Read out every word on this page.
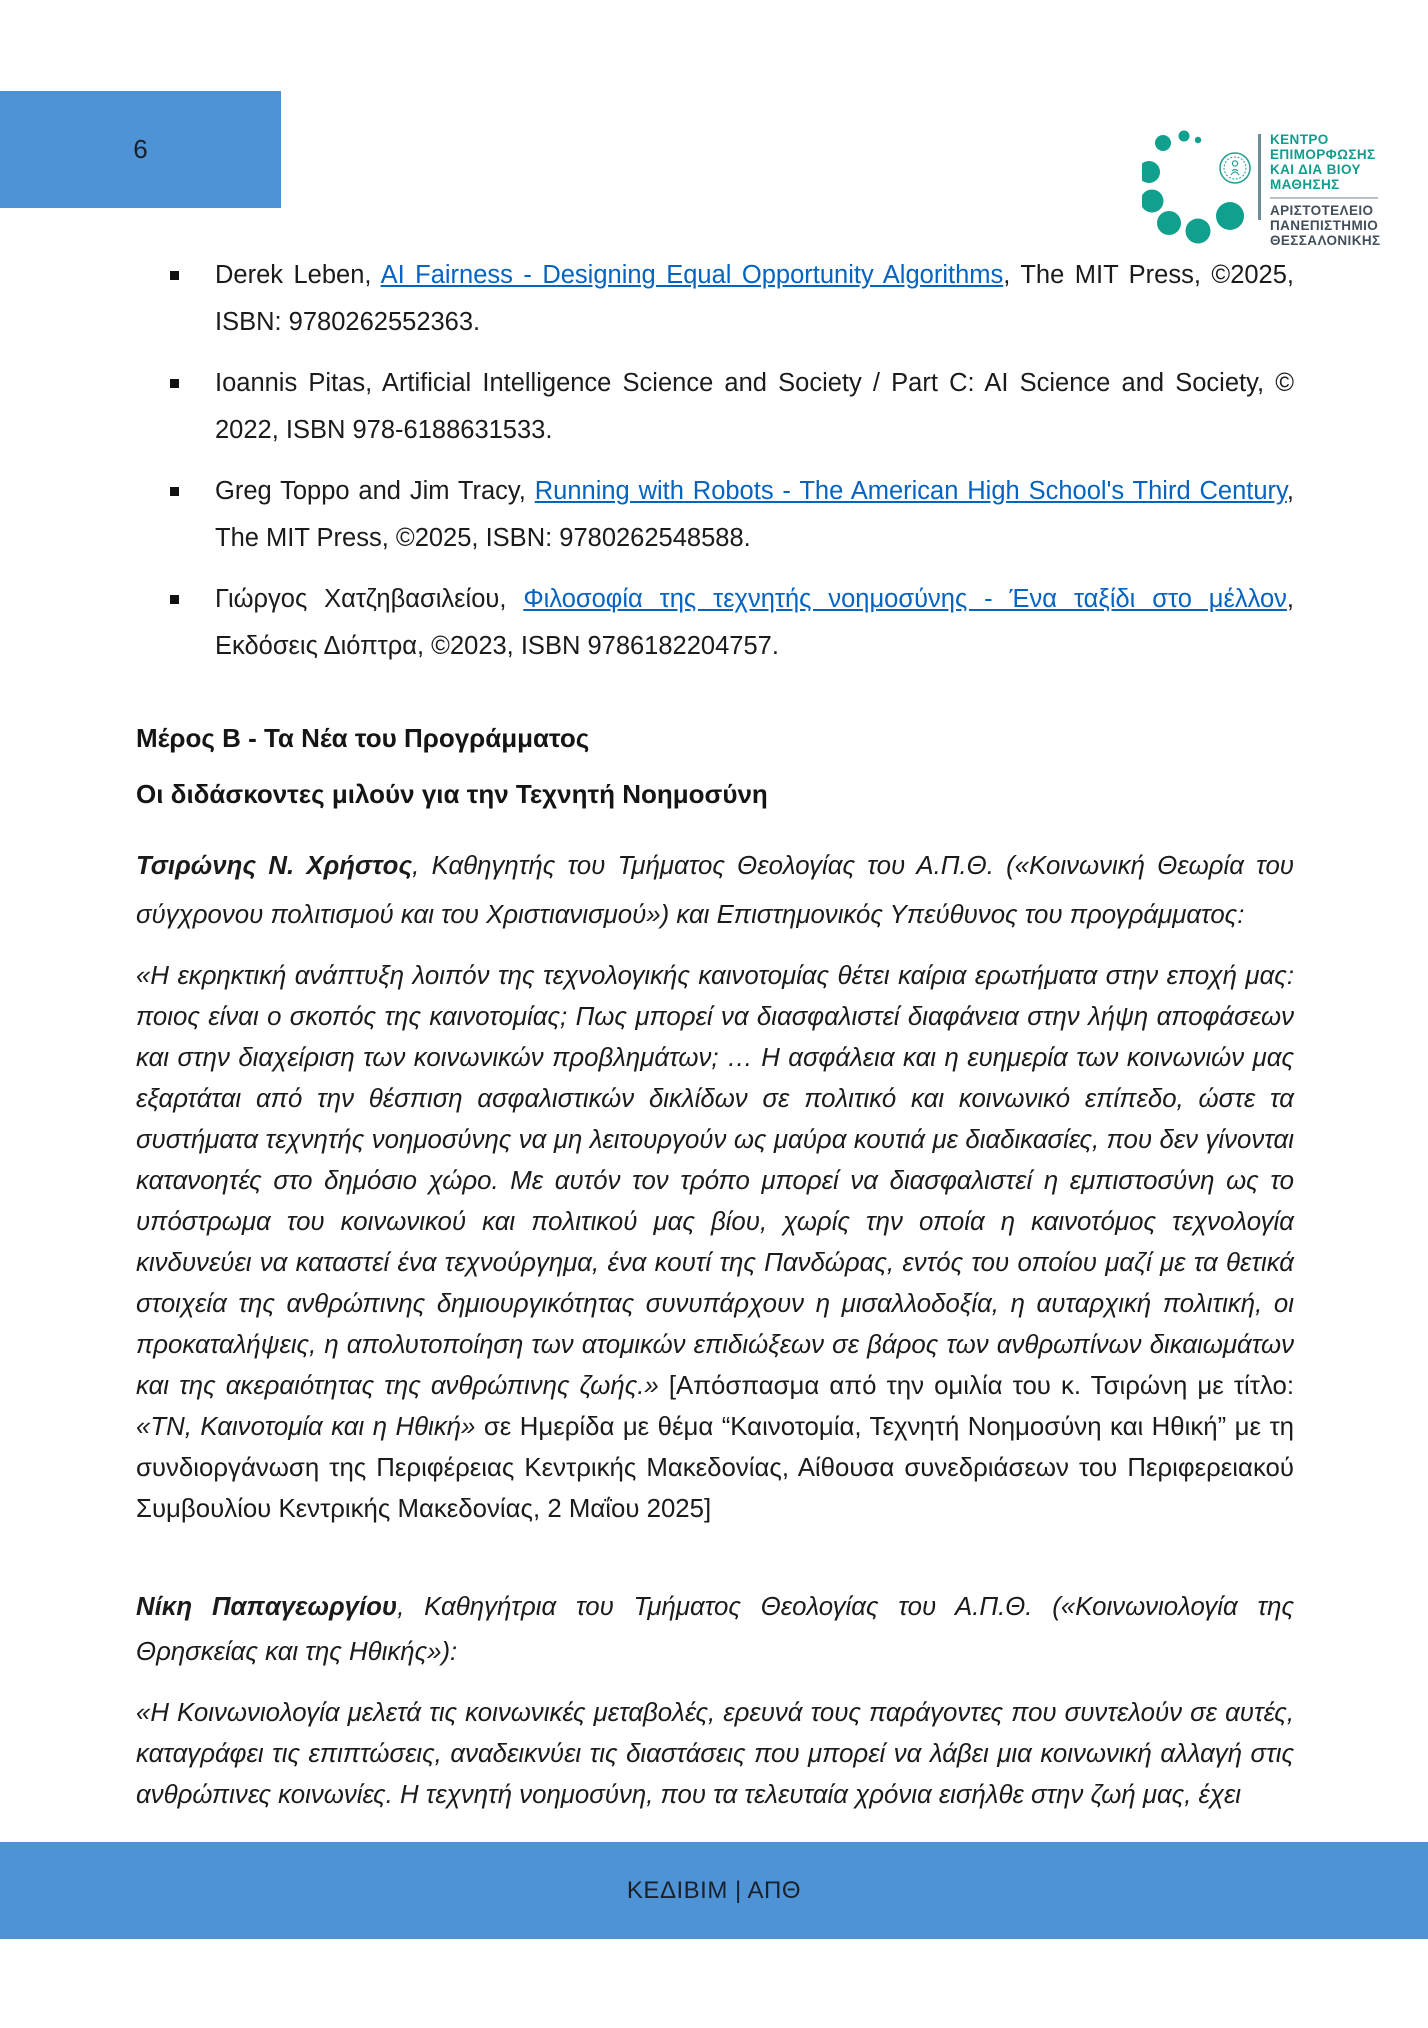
6	ΚΕΝΤΡΟ
ΕΠΙΜΟΡΦΩΣΗΣ
ΚΑΙ ΔΙΑ ΒΙΟΥ
ΜΑΘΗΣΗΣ
ΑΡΙΣΤΟΤΕΛΕΙΟ
ΠΑΝΕΠΙΣΤΗΜΙΟ
ΘΕΣΣΑΛΟΝΙΚΗΣ
Derek Leben, AI Fairness - Designing Equal Opportunity Algorithms, The MIT Press, ©2025, ISBN: 9780262552363.
Ioannis Pitas, Artificial Intelligence Science and Society / Part C: AI Science and Society, © 2022, ISBN 978-6188631533.
Greg Toppo and Jim Tracy, Running with Robots - The American High School's Third Century, The MIT Press, ©2025, ISBN: 9780262548588.
Γιώργος Χατζηβασιλείου, Φιλοσοφία της τεχνητής νοημοσύνης - Ένα ταξίδι στο μέλλον, Εκδόσεις Διόπτρα, ©2023, ISBN 9786182204757.
Μέρος Β - Τα Νέα του Προγράμματος
Οι διδάσκοντες μιλούν για την Τεχνητή Νοημοσύνη

Τσιρώνης Ν. Χρήστος, Καθηγητής του Τμήματος Θεολογίας του Α.Π.Θ. («Κοινωνική Θεωρία του σύγχρονου πολιτισμού και του Χριστιανισμού») και Επιστημονικός Υπεύθυνος του προγράμματος:

«Η εκρηκτική ανάπτυξη λοιπόν της τεχνολογικής καινοτομίας θέτει καίρια ερωτήματα στην εποχή μας: ποιος είναι ο σκοπός της καινοτομίας; Πως μπορεί να διασφαλιστεί διαφάνεια στην λήψη αποφάσεων και στην διαχείριση των κοινωνικών προβλημάτων; … Η ασφάλεια και η ευημερία των κοινωνιών μας εξαρτάται από την θέσπιση ασφαλιστικών δικλίδων σε πολιτικό και κοινωνικό επίπεδο, ώστε τα συστήματα τεχνητής νοημοσύνης να μη λειτουργούν ως μαύρα κουτιά με διαδικασίες, που δεν γίνονται κατανοητές στο δημόσιο χώρο. Με αυτόν τον τρόπο μπορεί να διασφαλιστεί η εμπιστοσύνη ως το υπόστρωμα του κοινωνικού και πολιτικού μας βίου, χωρίς την οποία η καινοτόμος τεχνολογία κινδυνεύει να καταστεί ένα τεχνούργημα, ένα κουτί της Πανδώρας, εντός του οποίου μαζί με τα θετικά στοιχεία της ανθρώπινης δημιουργικότητας συνυπάρχουν η μισαλλοδοξία, η αυταρχική πολιτική, οι προκαταλήψεις, η απολυτοποίηση των ατομικών επιδιώξεων σε βάρος των ανθρωπίνων δικαιωμάτων και της ακεραιότητας της ανθρώπινης ζωής.» [Απόσπασμα από την ομιλία του κ. Τσιρώνη με τίτλο: «ΤΝ, Καινοτομία και η Ηθική» σε Ημερίδα με θέμα “Καινοτομία, Τεχνητή Νοημοσύνη και Ηθική” με τη συνδιοργάνωση της Περιφέρειας Κεντρικής Μακεδονίας, Αίθουσα συνεδριάσεων του Περιφερειακού Συμβουλίου Κεντρικής Μακεδονίας, 2 Μαΐου 2025]

Νίκη Παπαγεωργίου, Καθηγήτρια του Τμήματος Θεολογίας του Α.Π.Θ. («Κοινωνιολογία της Θρησκείας και της Ηθικής»):

«Η Κοινωνιολογία μελετά τις κοινωνικές μεταβολές, ερευνά τους παράγοντες που συντελούν σε αυτές, καταγράφει τις επιπτώσεις, αναδεικνύει τις διαστάσεις που μπορεί να λάβει μια κοινωνική αλλαγή στις ανθρώπινες κοινωνίες. Η τεχνητή νοημοσύνη, που τα τελευταία χρόνια εισήλθε στην ζωή μας, έχει

ΚΕΔΙΒΙΜ | ΑΠΘ
